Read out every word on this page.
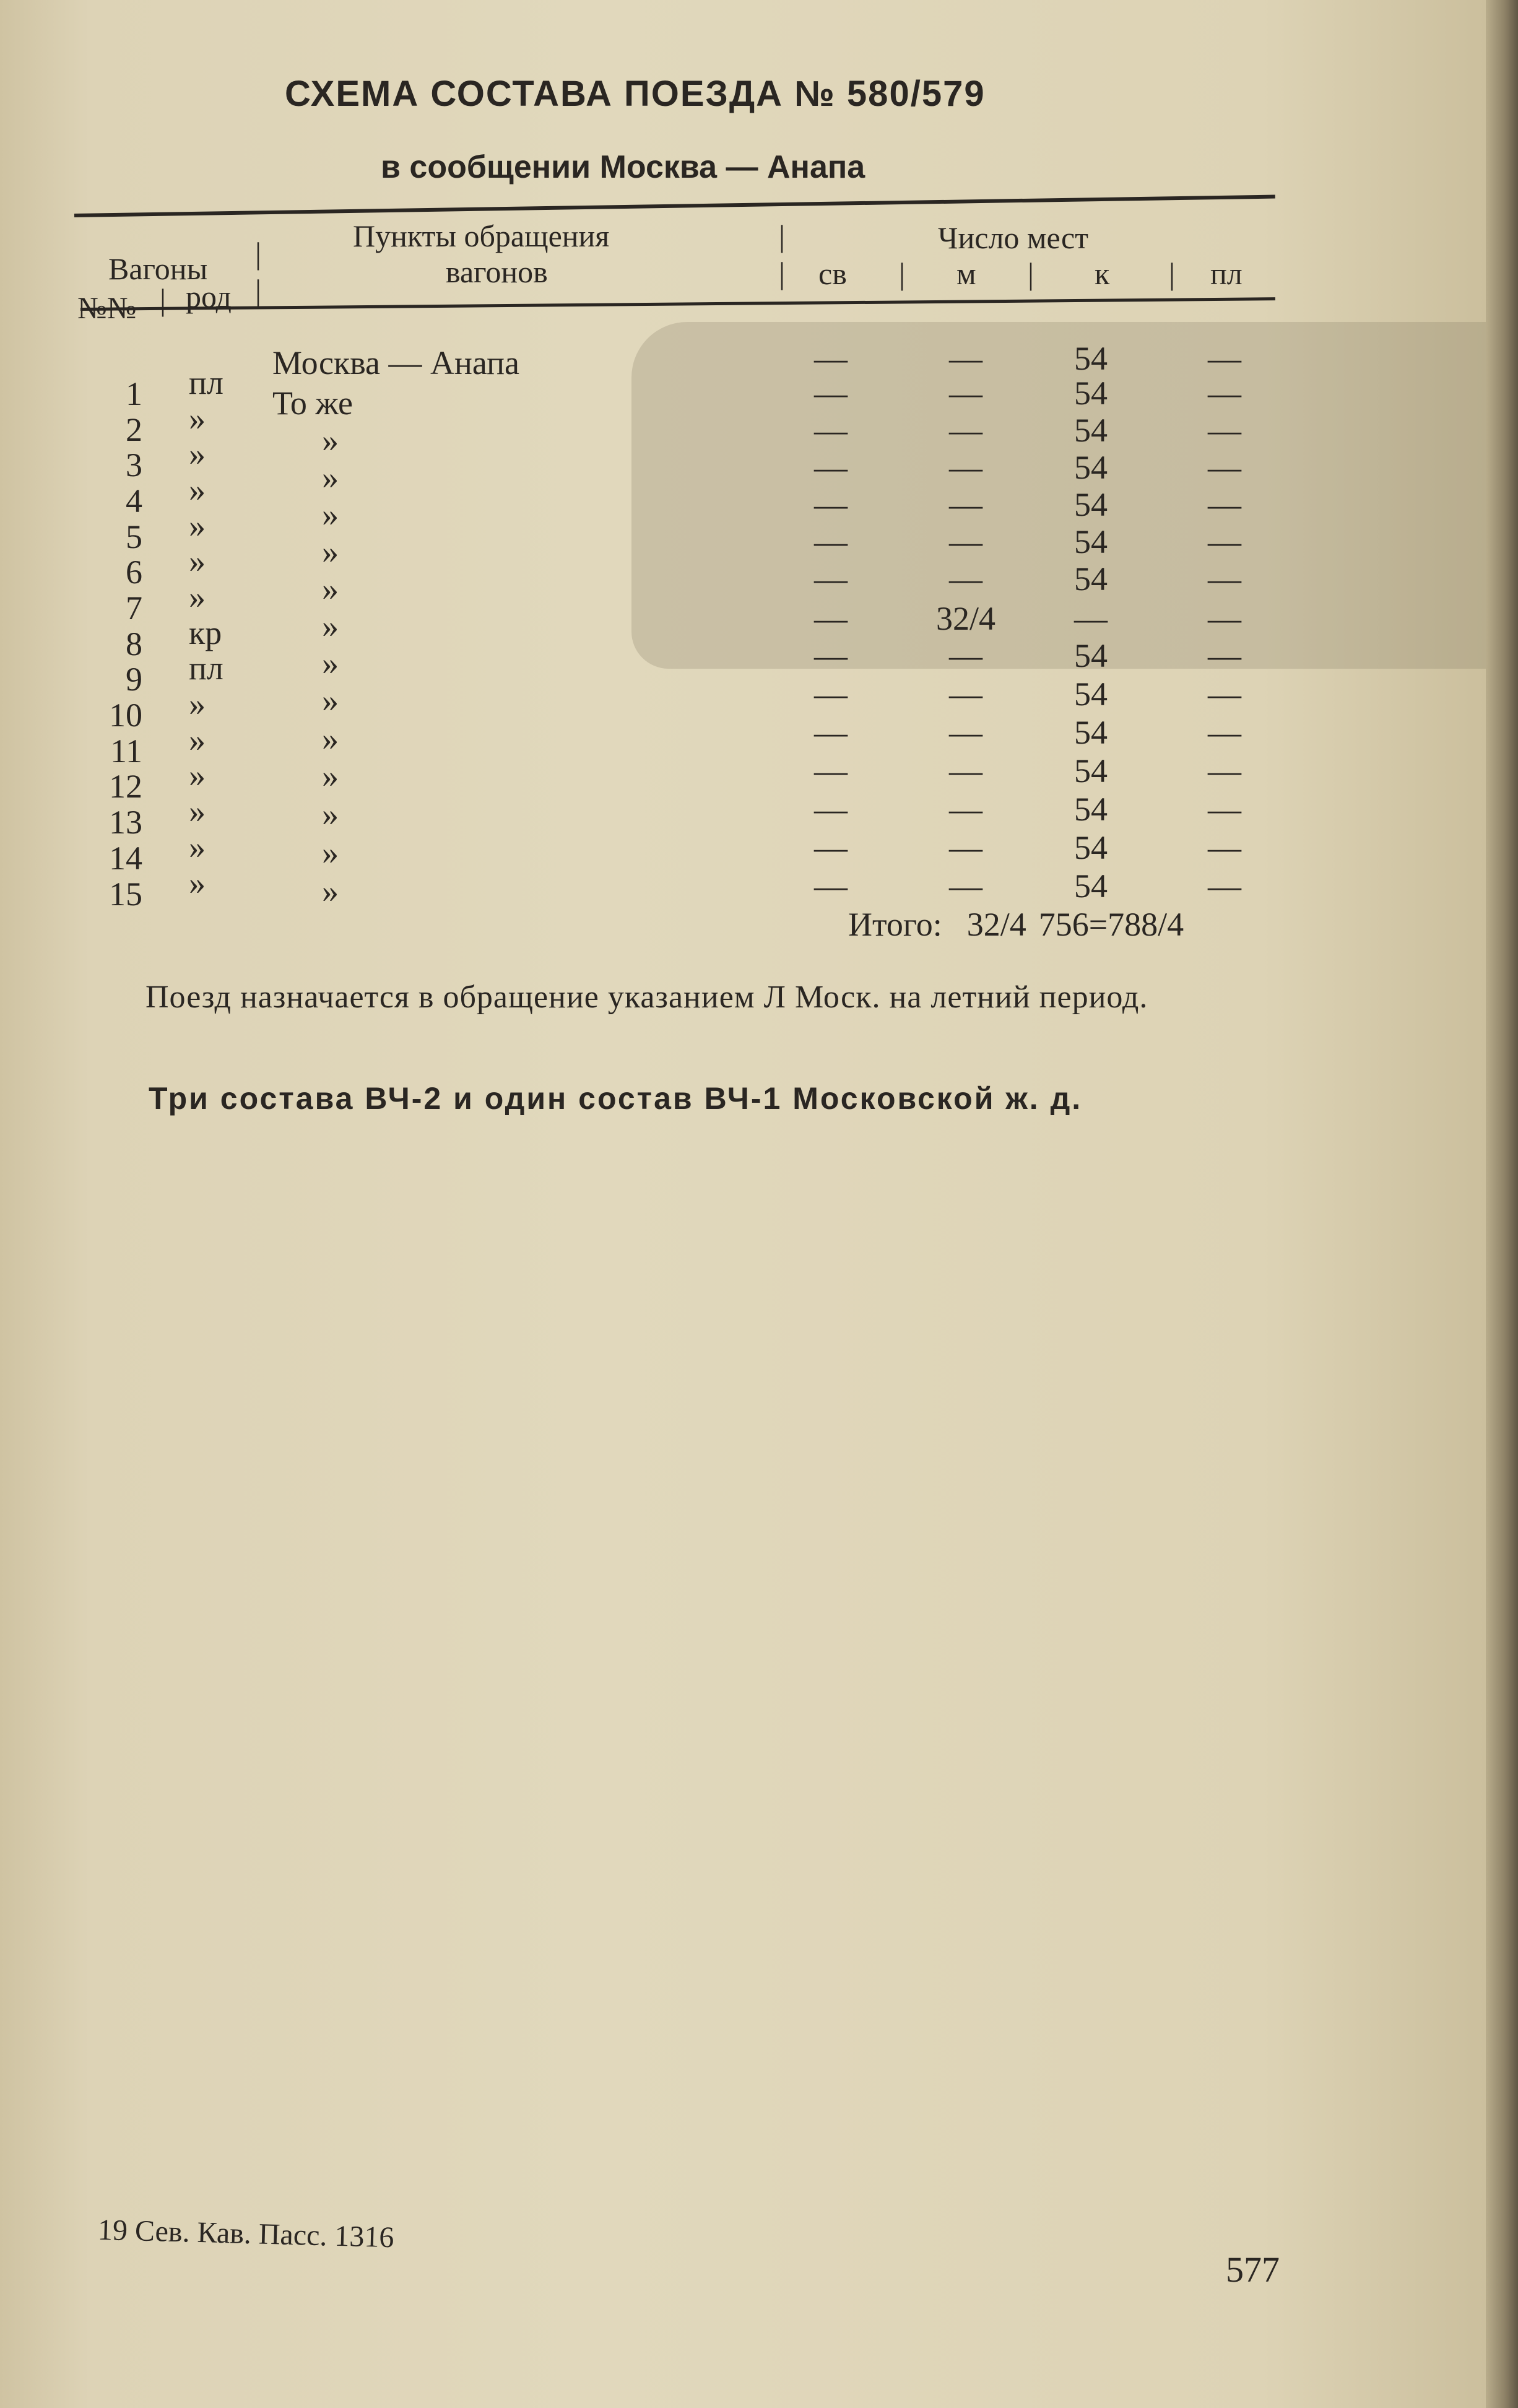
СХЕМА СОСТАВА ПОЕЗДА № 580/579
в сообщении Москва — Анапа
Вагоны
№№ | род
|
|
Пункты обращения
вагонов
|
|
Число мест
св | м | к | пл
1 пл
Москва — Анапа	—	—	54	—
2 »	То же	—	—	54	—
3 »	»	—	—	54	—
4 »	»	—	—	54	—
5 »	»	—	—	54	—
6 »	»	—	—	54	—
7 »	»	—	—	54	—
8 кр	»	—	32/4	—	—
9 пл	»	—	—	54	—
10 »	»	—	—	54	—
11 »	»	—	—	54	—
12 »	»	—	—	54	—
13 »	»	—	—	54	—
14 »	»	—	—	54	—
15 »	»	—	—	54	—
Итого: 32/4 756=788/4
Поезд назначается в обращение указанием Л Моск. на летний период.
Три состава ВЧ-2 и один состав ВЧ-1 Московской ж. д.
19 Сев. Кав. Пасс. 1316
577
